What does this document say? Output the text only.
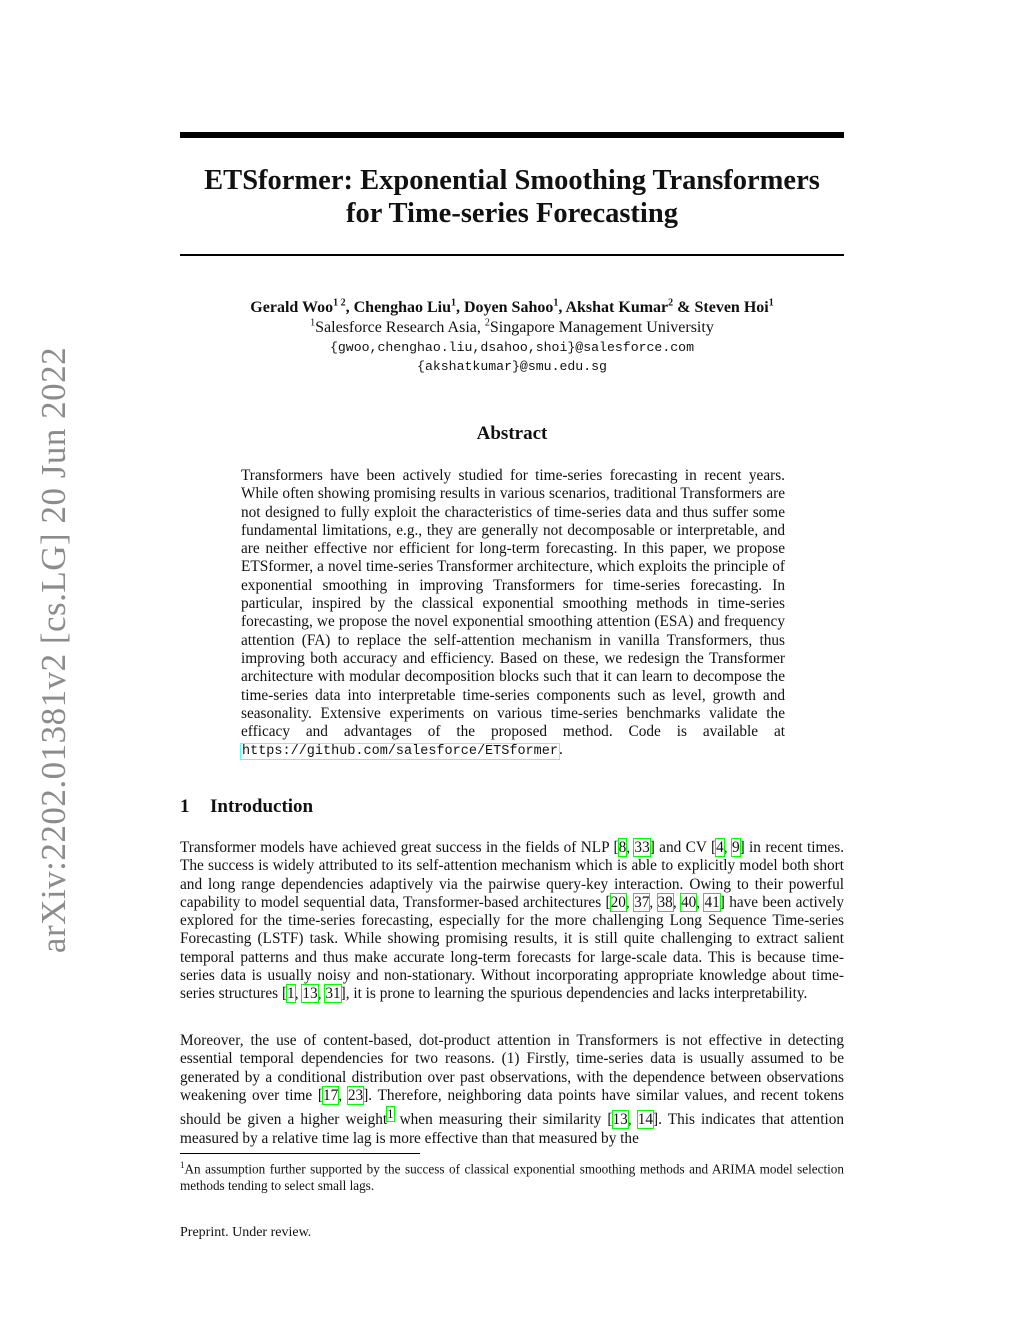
arXiv:2202.01381v2 [cs.LG] 20 Jun 2022
ETSformer: Exponential Smoothing Transformers
for Time-series Forecasting
Gerald Woo$^{1 2}$, Chenghao Liu$^1$, Doyen Sahoo$^1$, Akshat Kumar$^2$ & Steven Hoi$^1$
$^1$Salesforce Research Asia, $^2$Singapore Management University
{gwoo,chenghao.liu,dsahoo,shoi}@salesforce.com
{akshatkumar}@smu.edu.sg
Abstract
Transformers have been actively studied for time-series forecasting in recent years. While often showing promising results in various scenarios, traditional Transformers are not designed to fully exploit the characteristics of time-series data and thus suffer some fundamental limitations, e.g., they are generally not decomposable or interpretable, and are neither effective nor efficient for long-term forecasting. In this paper, we propose ETSformer, a novel time-series Transformer architecture, which exploits the principle of exponential smoothing in improving Transformers for time-series forecasting. In particular, inspired by the classical exponential smoothing methods in time-series forecasting, we propose the novel exponential smoothing attention (ESA) and frequency attention (FA) to replace the self-attention mechanism in vanilla Transformers, thus improving both accuracy and efficiency. Based on these, we redesign the Transformer architecture with modular decomposition blocks such that it can learn to decompose the time-series data into interpretable time-series components such as level, growth and seasonality. Extensive experiments on various time-series benchmarks validate the efficacy and advantages of the proposed method. Code is available at https://github.com/salesforce/ETSformer.
1 Introduction
Transformer models have achieved great success in the fields of NLP [8, 33] and CV [4, 9] in recent times. The success is widely attributed to its self-attention mechanism which is able to explicitly model both short and long range dependencies adaptively via the pairwise query-key interaction. Owing to their powerful capability to model sequential data, Transformer-based architectures [20, 37, 38, 40, 41] have been actively explored for the time-series forecasting, especially for the more challenging Long Sequence Time-series Forecasting (LSTF) task. While showing promising results, it is still quite challenging to extract salient temporal patterns and thus make accurate long-term forecasts for large-scale data. This is because time-series data is usually noisy and non-stationary. Without incorporating appropriate knowledge about time-series structures [1, 13, 31], it is prone to learning the spurious dependencies and lacks interpretability.
Moreover, the use of content-based, dot-product attention in Transformers is not effective in detecting essential temporal dependencies for two reasons. (1) Firstly, time-series data is usually assumed to be generated by a conditional distribution over past observations, with the dependence between observations weakening over time [17, 23]. Therefore, neighboring data points have similar values, and recent tokens should be given a higher weight$^1$ when measuring their similarity [13, 14]. This indicates that attention measured by a relative time lag is more effective than that measured by the
$^1$An assumption further supported by the success of classical exponential smoothing methods and ARIMA model selection methods tending to select small lags.
Preprint. Under review.
